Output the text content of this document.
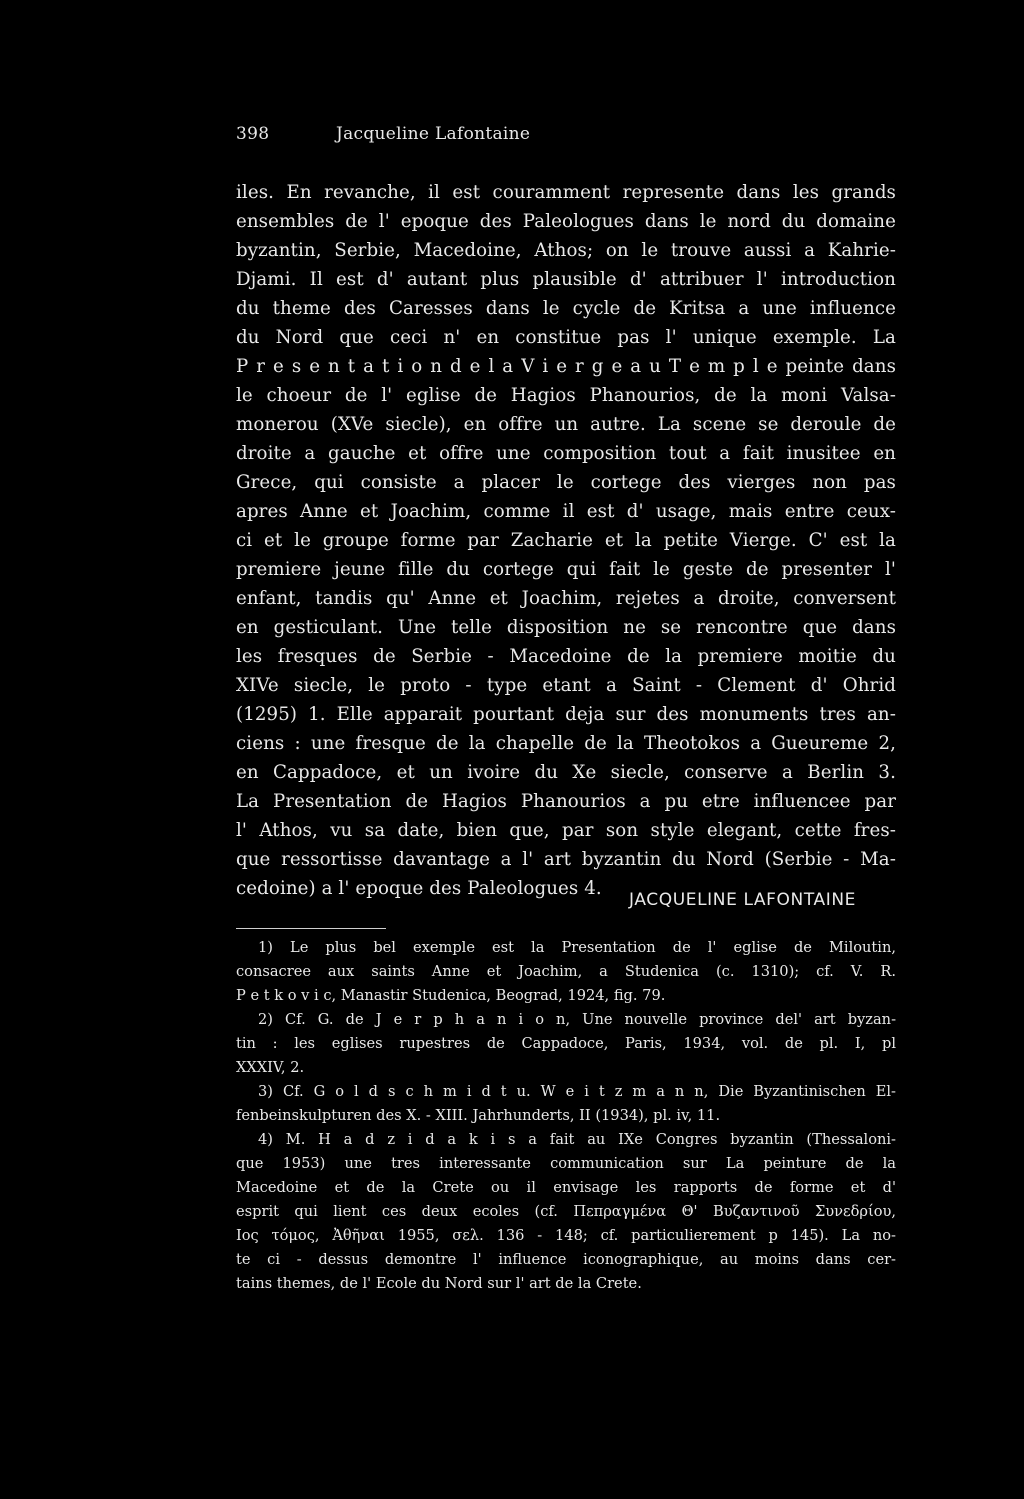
398	Jacqueline Lafontaine
iles. En revanche, il est couramment represente dans les grands
ensembles de l' epoque des Paleologues dans le nord du domaine
byzantin, Serbie, Macedoine, Athos; on le trouve aussi a Kahrie-
Djami. Il est d' autant plus plausible d' attribuer l' introduction
du theme des Caresses dans le cycle de Kritsa a une influence
du Nord que ceci n' en constitue pas l' unique exemple. La
P r e s e n t a t i o n d e l a V i e r g e a u T e m p l e peinte dans
le choeur de l' eglise de Hagios Phanourios, de la moni Valsa-
monerou (XVe siecle), en offre un autre. La scene se deroule de
droite a gauche et offre une composition tout a fait inusitee en
Grece, qui consiste a placer le cortege des vierges non pas
apres Anne et Joachim, comme il est d' usage, mais entre ceux-
ci et le groupe forme par Zacharie et la petite Vierge. C' est la
premiere jeune fille du cortege qui fait le geste de presenter l'
enfant, tandis qu' Anne et Joachim, rejetes a droite, conversent
en gesticulant. Une telle disposition ne se rencontre que dans
les fresques de Serbie - Macedoine de la premiere moitie du
XIVe siecle, le proto - type etant a Saint - Clement d' Ohrid
(1295) 1. Elle apparait pourtant deja sur des monuments tres an-
ciens : une fresque de la chapelle de la Theotokos a Gueureme 2,
en Cappadoce, et un ivoire du Xe siecle, conserve a Berlin 3.
La Presentation de Hagios Phanourios a pu etre influencee par
l' Athos, vu sa date, bien que, par son style elegant, cette fres-
que ressortisse davantage a l' art byzantin du Nord (Serbie - Ma-
cedoine) a l' epoque des Paleologues 4.
JACQUELINE LAFONTAINE
1) Le plus bel exemple est la Presentation de l' eglise de Miloutin,
consacree aux saints Anne et Joachim, a Studenica (c. 1310); cf. V. R.
P e t k o v i c, Manastir Studenica, Beograd, 1924, fig. 79.
2) Cf. G. de J e r p h a n i o n, Une nouvelle province del' art byzan-
tin : les eglises rupestres de Cappadoce, Paris, 1934, vol. de pl. I, pl
XXXIV, 2.
3) Cf. G o l d s c h m i d t u. W e i t z m a n n, Die Byzantinischen El-
fenbeinskulpturen des X. - XIII. Jahrhunderts, II (1934), pl. iv, 11.
4) M. H a d z i d a k i s a fait au IXe Congres byzantin (Thessaloni-
que 1953) une tres interessante communication sur La peinture de la
Macedoine et de la Crete ou il envisage les rapports de forme et d'
esprit qui lient ces deux ecoles (cf. Πεπραγμένα Θ' Βυζαντινοῦ Συνεδρίου,
Ιος τόμος, Ἀθῆναι 1955, σελ. 136 - 148; cf. particulierement p 145). La no-
te ci - dessus demontre l' influence iconographique, au moins dans cer-
tains themes, de l' Ecole du Nord sur l' art de la Crete.
